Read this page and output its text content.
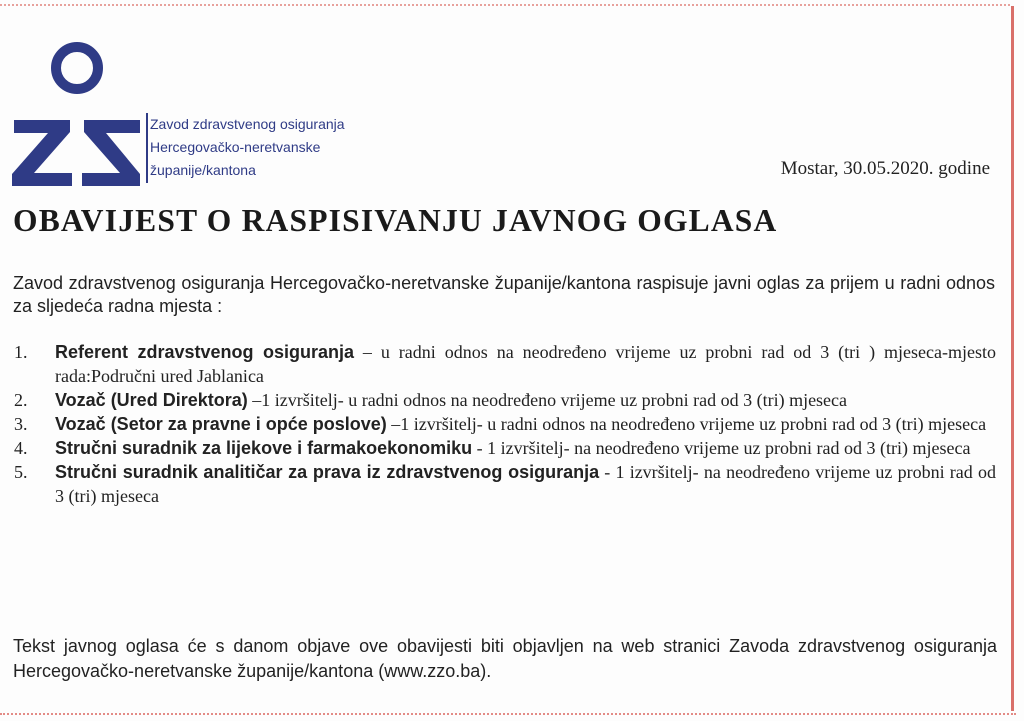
Zavod zdravstvenog osiguranja
Hercegovačko-neretvanske
županije/kantona	Mostar, 30.05.2020. godine
OBAVIJEST O RASPISIVANJU JAVNOG OGLASA
Zavod zdravstvenog osiguranja Hercegovačko-neretvanske županije/kantona raspisuje javni oglas za prijem u radni odnos za sljedeća radna mjesta :
1. Referent zdravstvenog osiguranja – u radni odnos na neodređeno vrijeme uz probni rad od 3 (tri ) mjeseca-mjesto rada:Područni ured Jablanica
2. Vozač (Ured Direktora) –1 izvršitelj- u radni odnos na neodređeno vrijeme uz probni rad od 3 (tri) mjeseca
3. Vozač (Setor za pravne i opće poslove) –1 izvršitelj- u radni odnos na neodređeno vrijeme uz probni rad od 3 (tri) mjeseca
4. Stručni suradnik za lijekove i farmakoekonomiku - 1 izvršitelj- na neodređeno vrijeme uz probni rad od 3 (tri) mjeseca
5. Stručni suradnik analitičar za prava iz zdravstvenog osiguranja - 1 izvršitelj- na neodređeno vrijeme uz probni rad od 3 (tri) mjeseca
Tekst javnog oglasa će s danom objave ove obavijesti biti objavljen na web stranici Zavoda zdravstvenog osiguranja Hercegovačko-neretvanske županije/kantona (www.zzo.ba).
